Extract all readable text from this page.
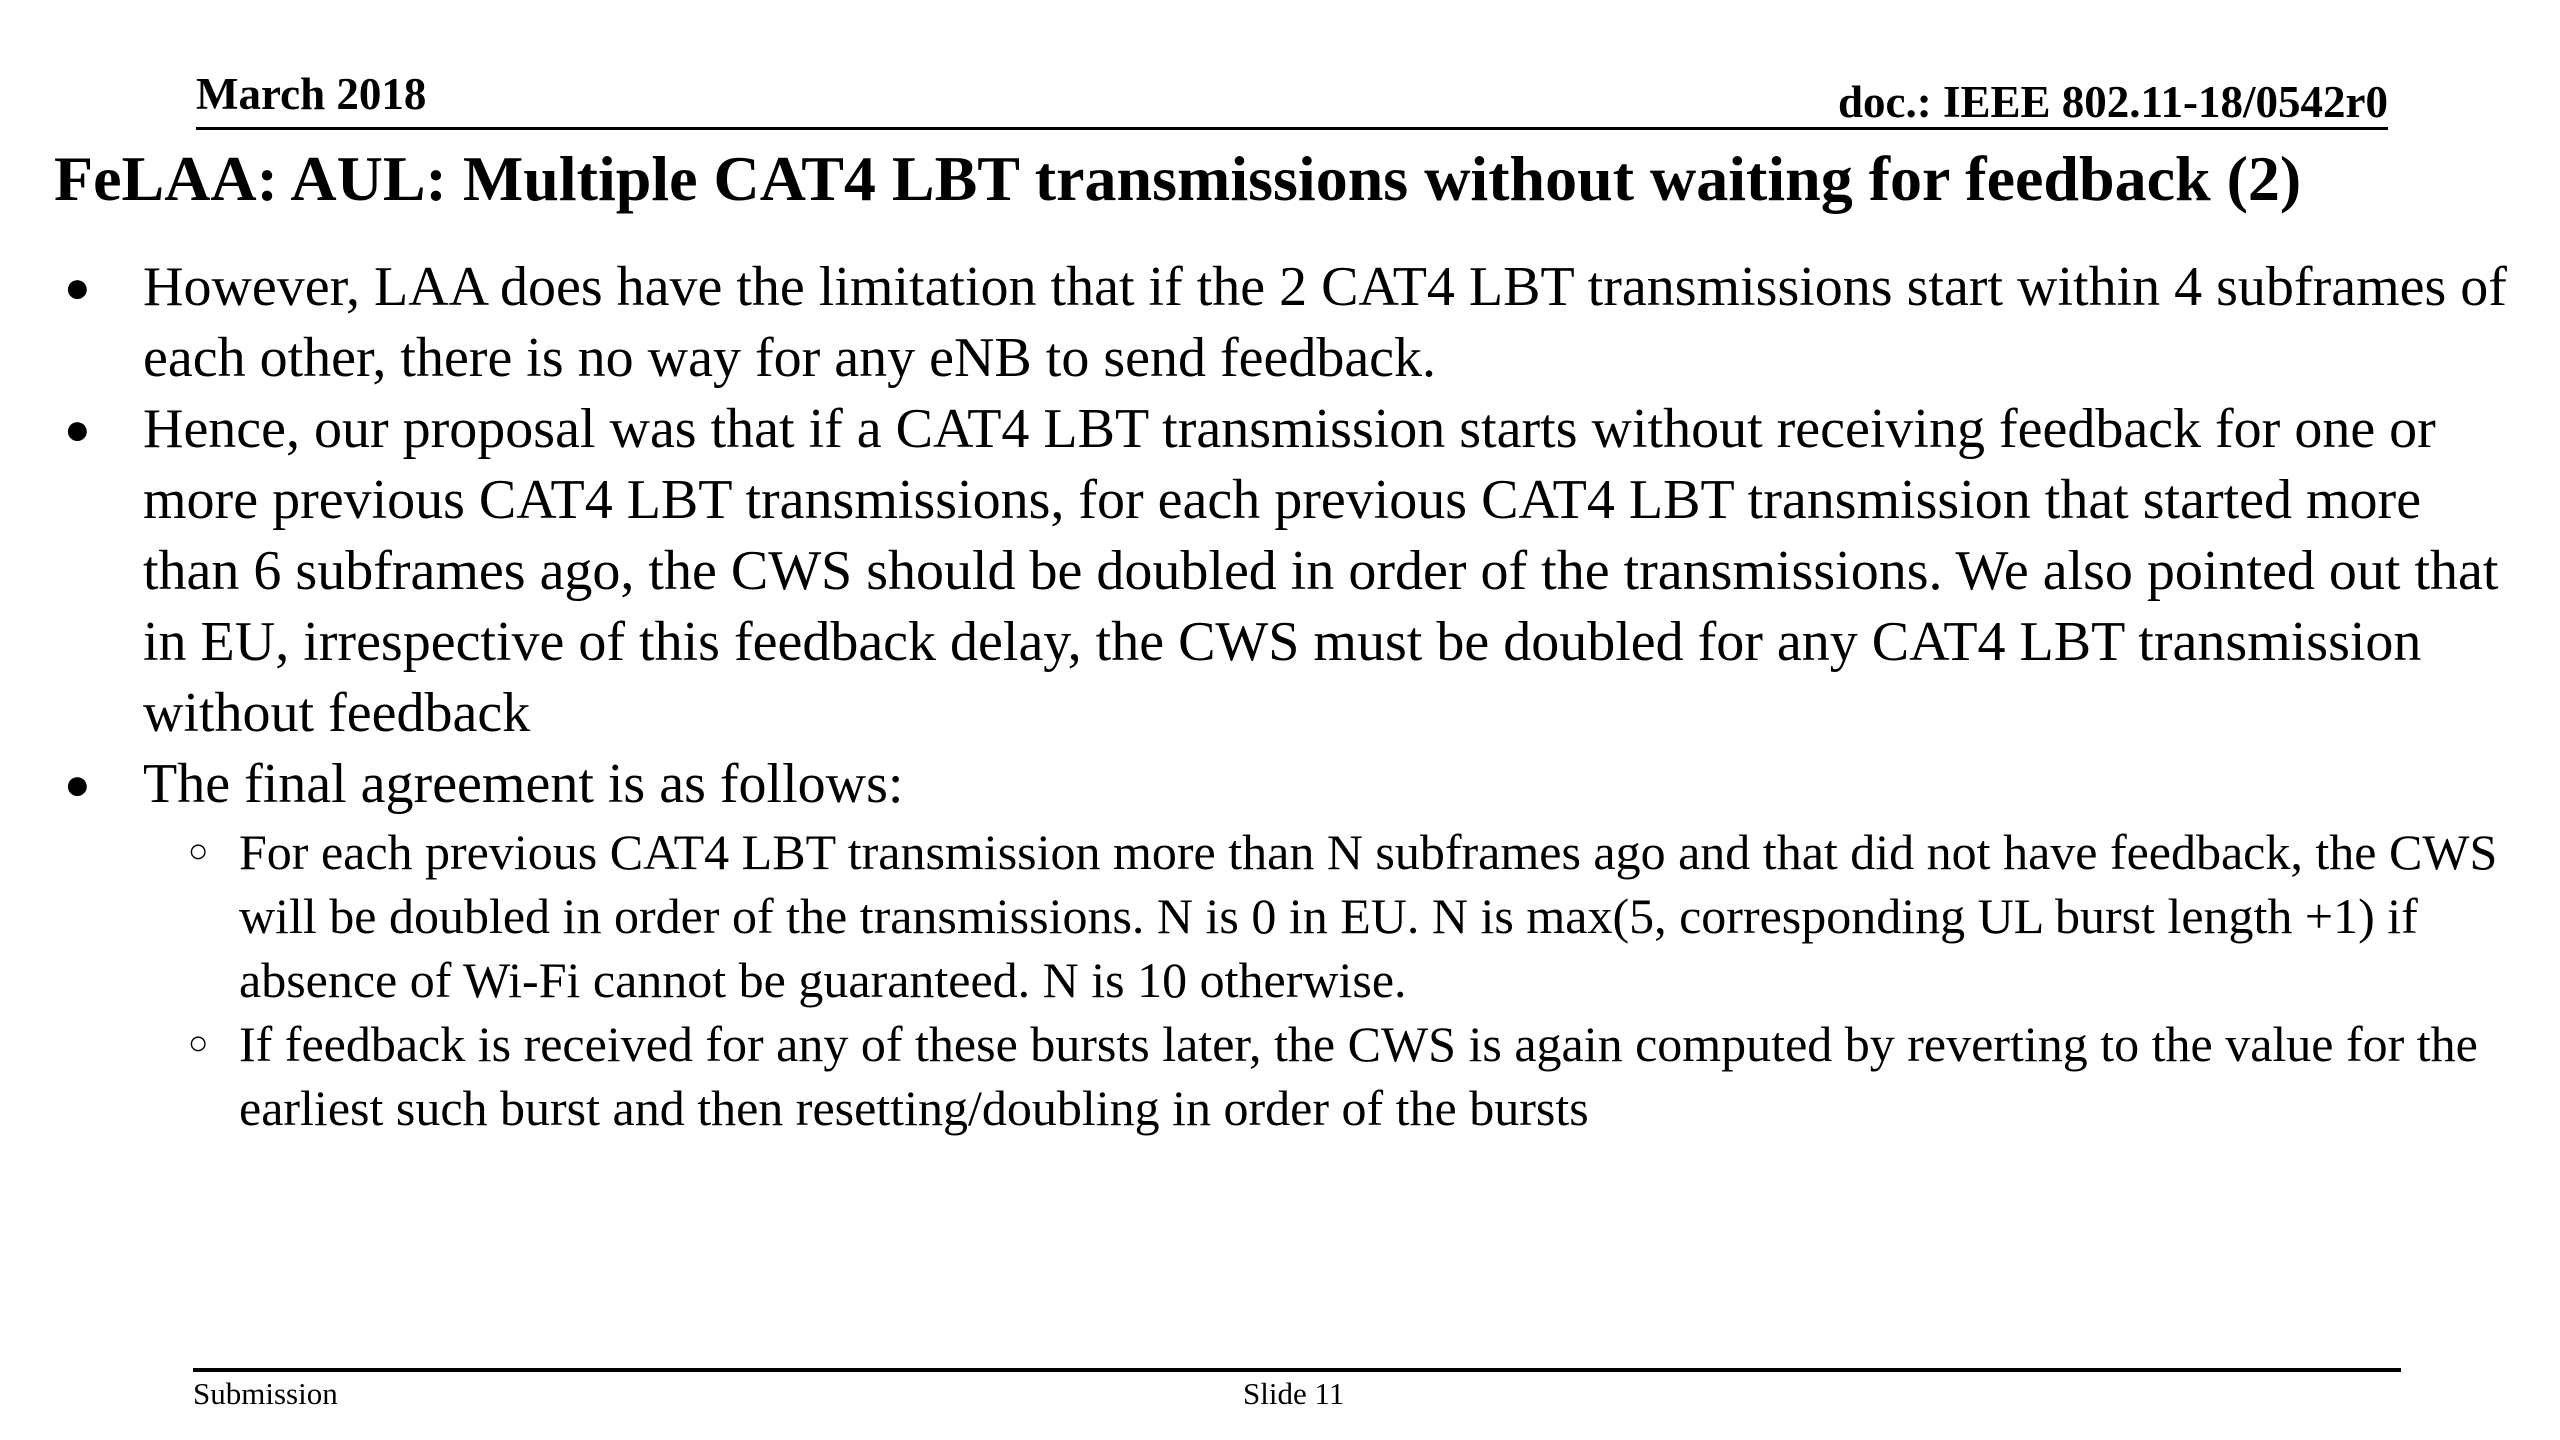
March 2018	doc.: IEEE 802.11-18/0542r0
FeLAA: AUL: Multiple CAT4 LBT transmissions without waiting for feedback (2)
● However, LAA does have the limitation that if the 2 CAT4 LBT transmissions start within 4 subframes of each other, there is no way for any eNB to send feedback.
● Hence, our proposal was that if a CAT4 LBT transmission starts without receiving feedback for one or more previous CAT4 LBT transmissions, for each previous CAT4 LBT transmission that started more than 6 subframes ago, the CWS should be doubled in order of the transmissions. We also pointed out that in EU, irrespective of this feedback delay, the CWS must be doubled for any CAT4 LBT transmission without feedback
● The final agreement is as follows:
○ For each previous CAT4 LBT transmission more than N subframes ago and that did not have feedback, the CWS will be doubled in order of the transmissions. N is 0 in EU. N is max(5, corresponding UL burst length +1) if absence of Wi-Fi cannot be guaranteed. N is 10 otherwise.
○ If feedback is received for any of these bursts later, the CWS is again computed by reverting to the value for the earliest such burst and then resetting/doubling in order of the bursts
Submission	Slide 11
